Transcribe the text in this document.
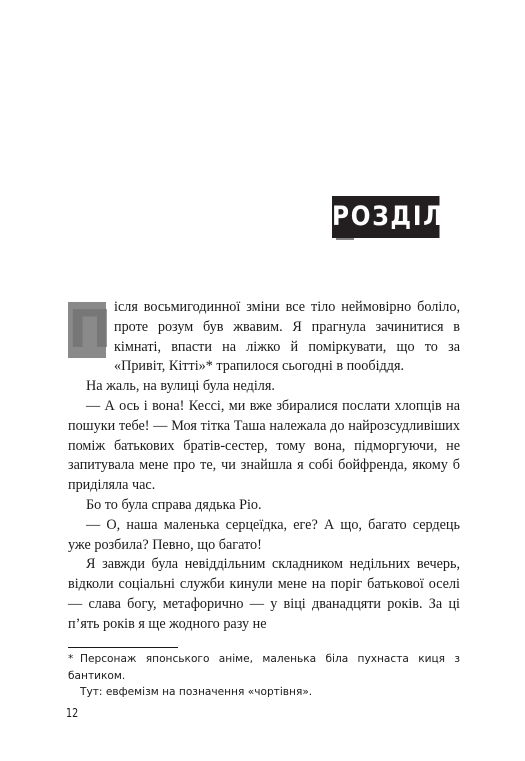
РОЗДІЛ 2
П ісля восьмигодинної зміни все тіло неймовірно боліло, проте розум був жвавим. Я прагнула зачинитися в кімнаті, впасти на ліжко й поміркувати, що то за «Привіт, Кітті»* трапилося сьогодні в пообіддя.

На жаль, на вулиці була неділя.

— А ось і вона! Кессі, ми вже збиралися послати хлопців на пошуки тебе! — Моя тітка Таша належала до найрозсудливіших поміж батькових братів-сестер, тому вона, підморгуючи, не запитувала мене про те, чи знайшла я собі бойфренда, якому б приділяла час.

Бо то була справа дядька Ріо.

— О, наша маленька серцеїдка, еге? А що, багато сердець уже розбила? Певно, що багато!

Я завжди була невіддільним складником недільних вечерь, відколи соціальні служби кинули мене на поріг батькової оселі — слава богу, метафорично — у віці дванадцяти років. За ці п’ять років я ще жодного разу не

* Персонаж японського аніме, маленька біла пухнаста киця з бантиком.
Тут: евфемізм на позначення «чортівня».
12
